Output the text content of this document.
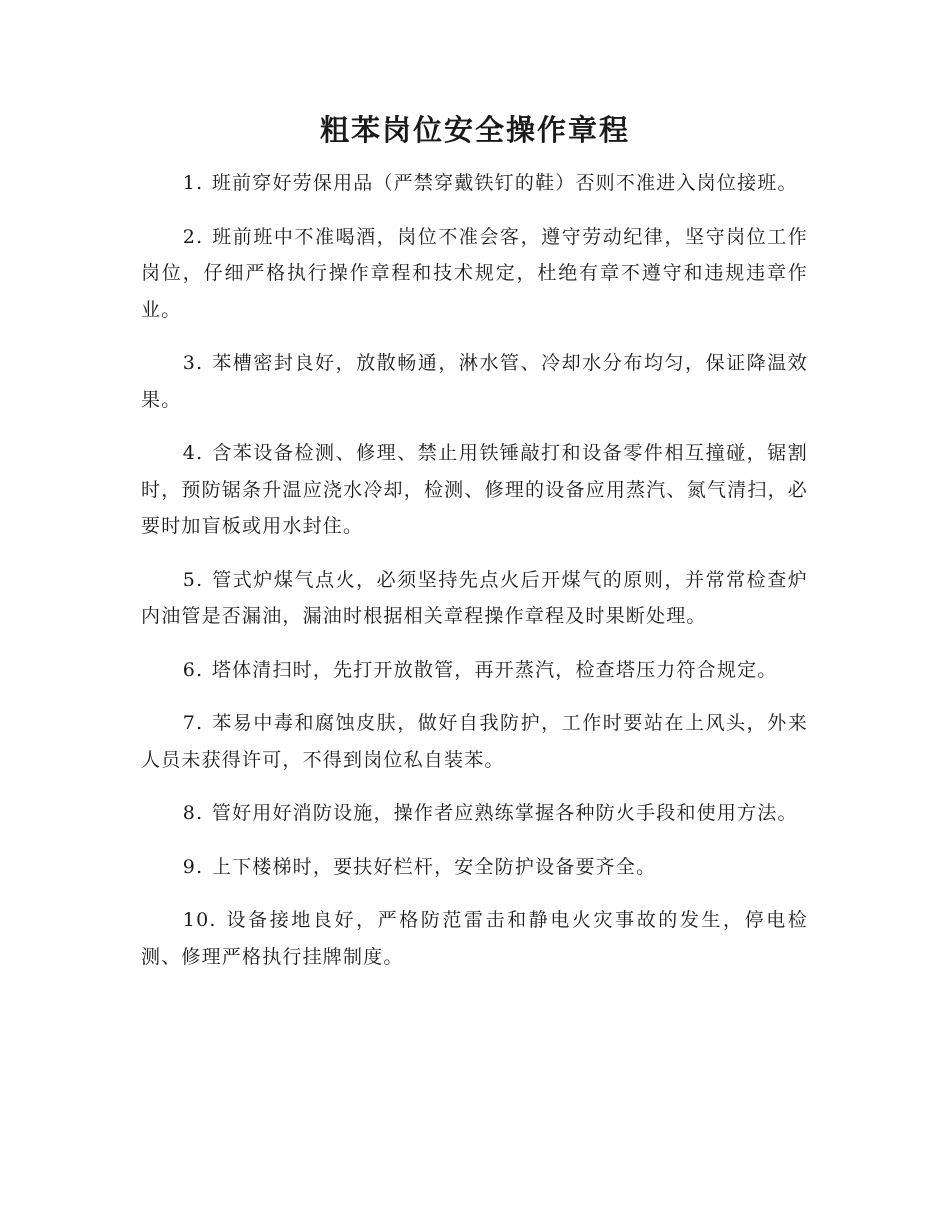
粗苯岗位安全操作章程

1. 班前穿好劳保用品（严禁穿戴铁钉的鞋）否则不准进入岗位接班。

2. 班前班中不准喝酒，岗位不准会客，遵守劳动纪律，坚守岗位工作岗位，仔细严格执行操作章程和技术规定，杜绝有章不遵守和违规违章作业。

3. 苯槽密封良好，放散畅通，淋水管、冷却水分布均匀，保证降温效果。

4. 含苯设备检测、修理、禁止用铁锤敲打和设备零件相互撞碰，锯割时，预防锯条升温应浇水冷却，检测、修理的设备应用蒸汽、氮气清扫，必要时加盲板或用水封住。

5. 管式炉煤气点火，必须坚持先点火后开煤气的原则，并常常检查炉内油管是否漏油，漏油时根据相关章程操作章程及时果断处理。

6. 塔体清扫时，先打开放散管，再开蒸汽，检查塔压力符合规定。

7. 苯易中毒和腐蚀皮肤，做好自我防护，工作时要站在上风头，外来人员未获得许可，不得到岗位私自装苯。

8. 管好用好消防设施，操作者应熟练掌握各种防火手段和使用方法。

9. 上下楼梯时，要扶好栏杆，安全防护设备要齐全。

10. 设备接地良好，严格防范雷击和静电火灾事故的发生，停电检测、修理严格执行挂牌制度。
